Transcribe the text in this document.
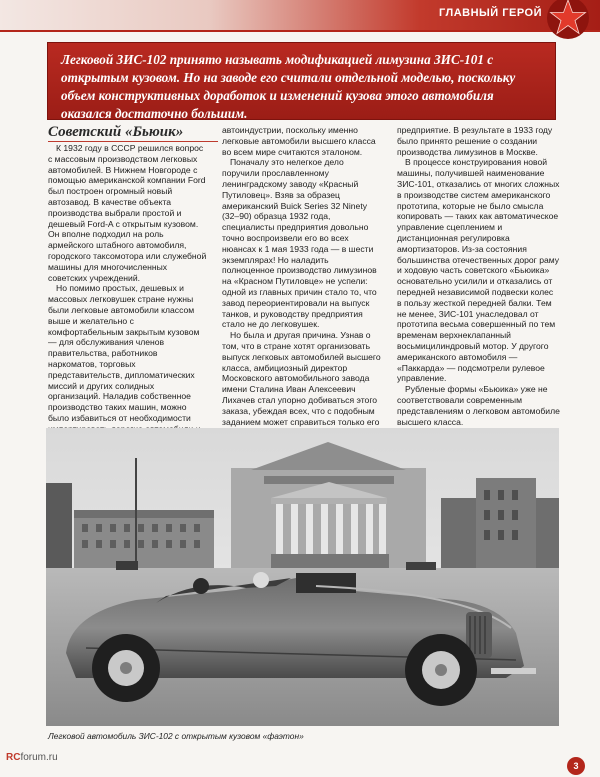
ГЛАВНЫЙ ГЕРОЙ

Легковой ЗИС-102 принято называть модификацией лимузина ЗИС-101 с открытым кузовом. Но на заводе его считали отдельной моделью, поскольку объем конструктивных доработок и изменений кузова этого автомобиля оказался достаточно большим.

Советский «Бьюик»

К 1932 году в СССР решился вопрос с массовым производством легковых автомобилей. В Нижнем Новгороде с помощью американской компании Ford был построен огромный новый автозавод. В качестве объекта производства выбрали простой и дешевый Ford-A с открытым кузовом. Он вполне подходил на роль армейского штабного автомобиля, городского таксомотора или служебной машины для многочисленных советских учреждений.

Но помимо простых, дешевых и массовых легковушек стране нужны были легковые автомобили классом выше и желательно с комфортабельным закрытым кузовом — для обслуживания членов правительства, работников наркоматов, торговых представительств, дипломатических миссий и других солидных организаций. Наладив собственное производство таких машин, можно было избавиться от необходимости

автоиндустрии, поскольку именно легковые автомобили высшего класса во всем мире считаются эталоном.

Поначалу это нелегкое дело поручили прославленному ленинградскому заводу «Красный Путиловец». Взяв за образец американский Buick Series 32 Ninety (32–90) образца 1932 года, специалисты предприятия довольно точно воспроизвели его во всех нюансах к 1 мая 1933 года — в шести экземплярах! Но наладить полноценное производство лимузинов на «Красном Путиловце» не успели: одной из главных причин стало то, что завод переориентировали на выпуск танков, и руководству предприятия стало не до легковушек.

Но была и другая причина. Узнав о том, что в стране хотят организовать выпуск легковых автомобилей высшего класса, амбициозный директор Московского автомобильного завода имени Сталина Иван Алексеевич Лихачев стал упорно добиваться этого заказа, убеждая всех, что с подобным заданием может справиться только его

предприятие. В результате в 1933 году было принято решение о создании производства лимузинов в Москве.

В процессе конструирования новой машины, получившей наименование ЗИС-101, отказались от многих сложных в производстве систем американского прототипа, которые не было смысла копировать — таких как автоматическое управление сцеплением и дистанционная регулировка амортизаторов. Из-за состояния большинства отечественных дорог раму и ходовую часть советского «Бьюика» основательно усилили и отказались от передней независимой подвески колес в пользу жесткой передней балки. Тем не менее, ЗИС-101 унаследовал от прототипа весьма совершенный по тем временам верхнеклапанный восьмицилиндровый мотор. У другого американского автомобиля — «Паккарда» — подсмотрели рулевое управление.

Рубленые формы «Бьюика» уже не соответствовали современным представлениям о легковом автомобиле высшего класса.

Легковой автомобиль ЗИС-102 с открытым кузовом «фаэтон»
RCforum.ru
3
